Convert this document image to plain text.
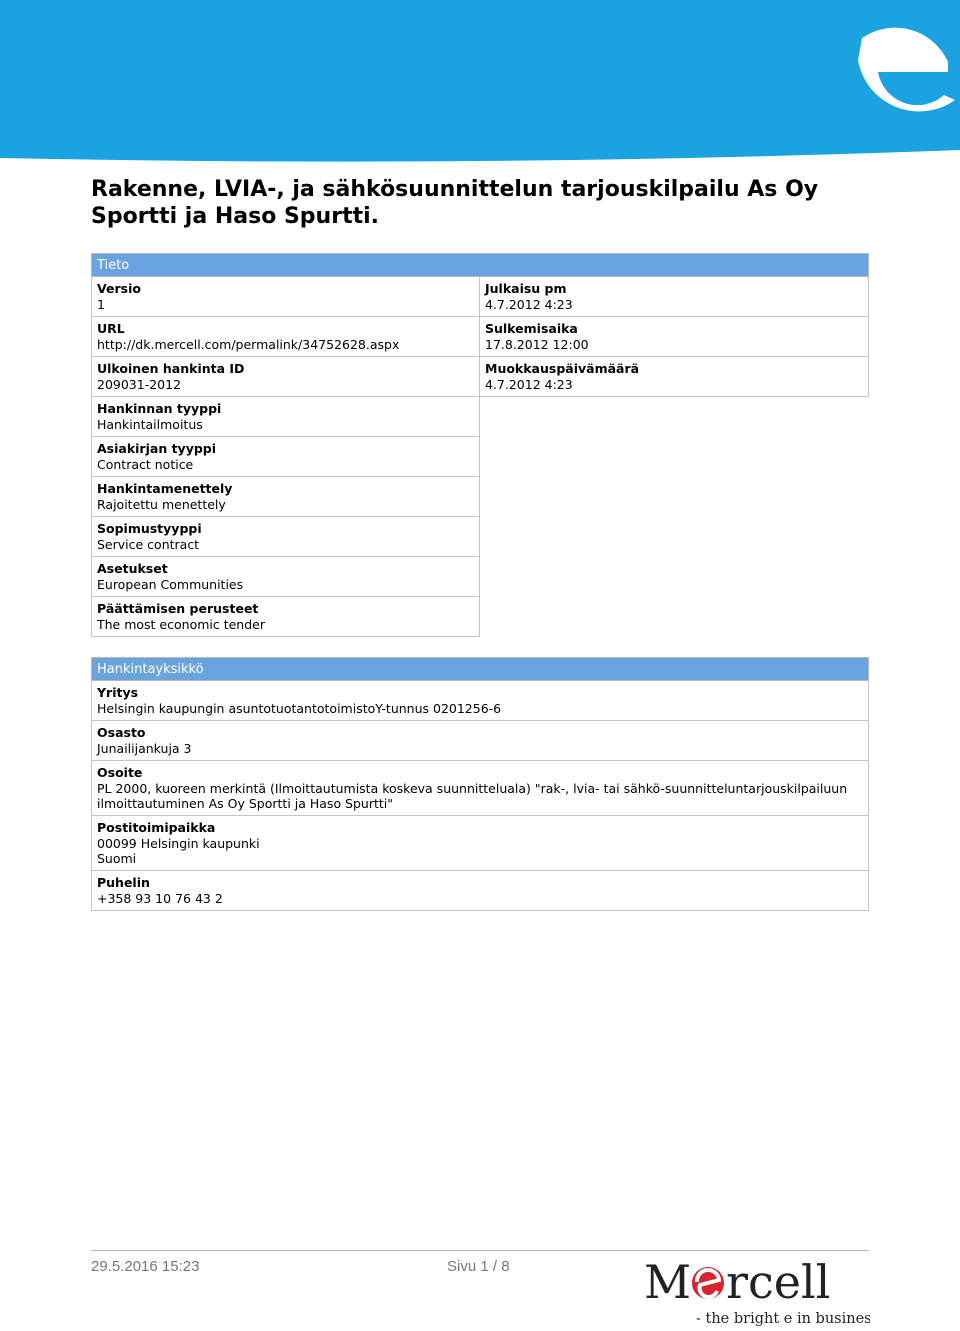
Rakenne, LVIA-, ja sähkösuunnittelun tarjouskilpailu As Oy Sportti ja Haso Spurtti.
Tieto
Versio
1
URL
http://dk.mercell.com/permalink/34752628.aspx
Ulkoinen hankinta ID
209031-2012
Hankinnan tyyppi
Hankintailmoitus
Asiakirjan tyyppi
Contract notice
Hankintamenettely
Rajoitettu menettely
Sopimustyyppi
Service contract
Asetukset
European Communities
Päättämisen perusteet
The most economic tender
Julkaisu pm
4.7.2012 4:23
Sulkemisaika
17.8.2012 12:00
Muokkauspäivämäärä
4.7.2012 4:23
Hankintayksikkö
Yritys
Helsingin kaupungin asuntotuotantotoimistoY-tunnus 0201256-6
Osasto
Junailijankuja 3
Osoite
PL 2000, kuoreen merkintä (Ilmoittautumista koskeva suunnitteluala) "rak-, lvia- tai sähkö-suunnitteluntarjouskilpailuun ilmoittautuminen As Oy Sportti ja Haso Spurtti"
Postitoimipaikka
00099 Helsingin kaupunki
Suomi
Puhelin
+358 93 10 76 43 2
29.5.2016 15:23	Sivu 1 / 8	M rcell
- the bright e in business
